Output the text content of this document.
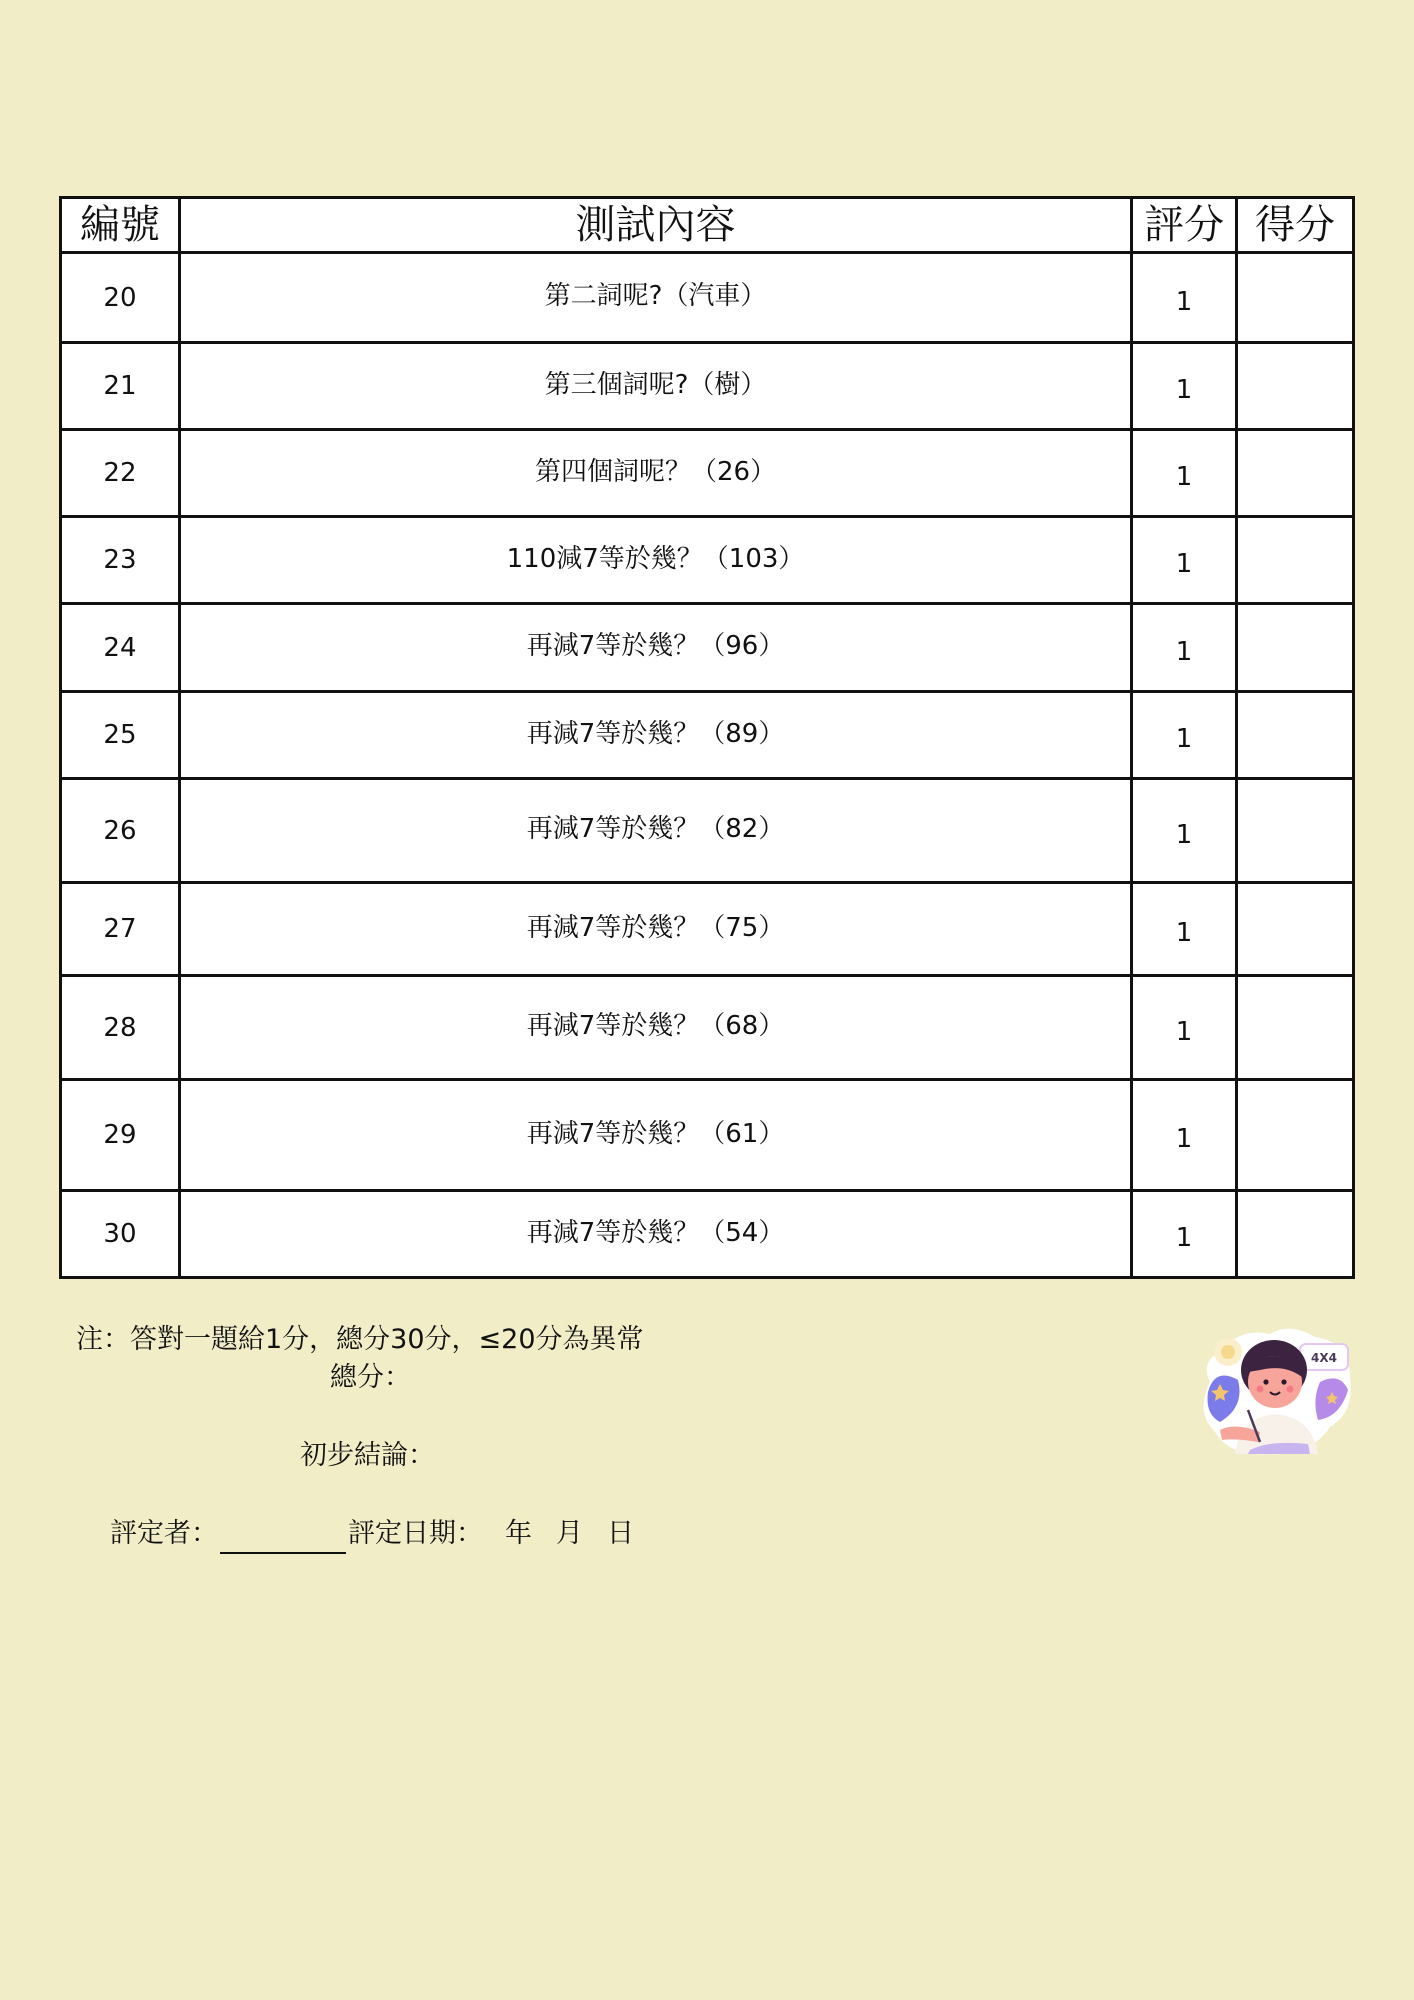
編號	測試內容	評分	得分
20	第二詞呢?（汽車）	1	
21	第三個詞呢?（樹）	1	
22	第四個詞呢？（26）	1	
23	110減7等於幾？（103）	1	
24	再減7等於幾？（96）	1	
25	再減7等於幾？（89）	1	
26	再減7等於幾？（82）	1	
27	再減7等於幾？（75）	1	
28	再減7等於幾？（68）	1	
29	再減7等於幾？（61）	1	
30	再減7等於幾？（54）	1	
注：答對一題給1分，總分30分，≤20分為異常
總分：
初步結論：
評定者：	評定日期： 年 月 日
4X4
